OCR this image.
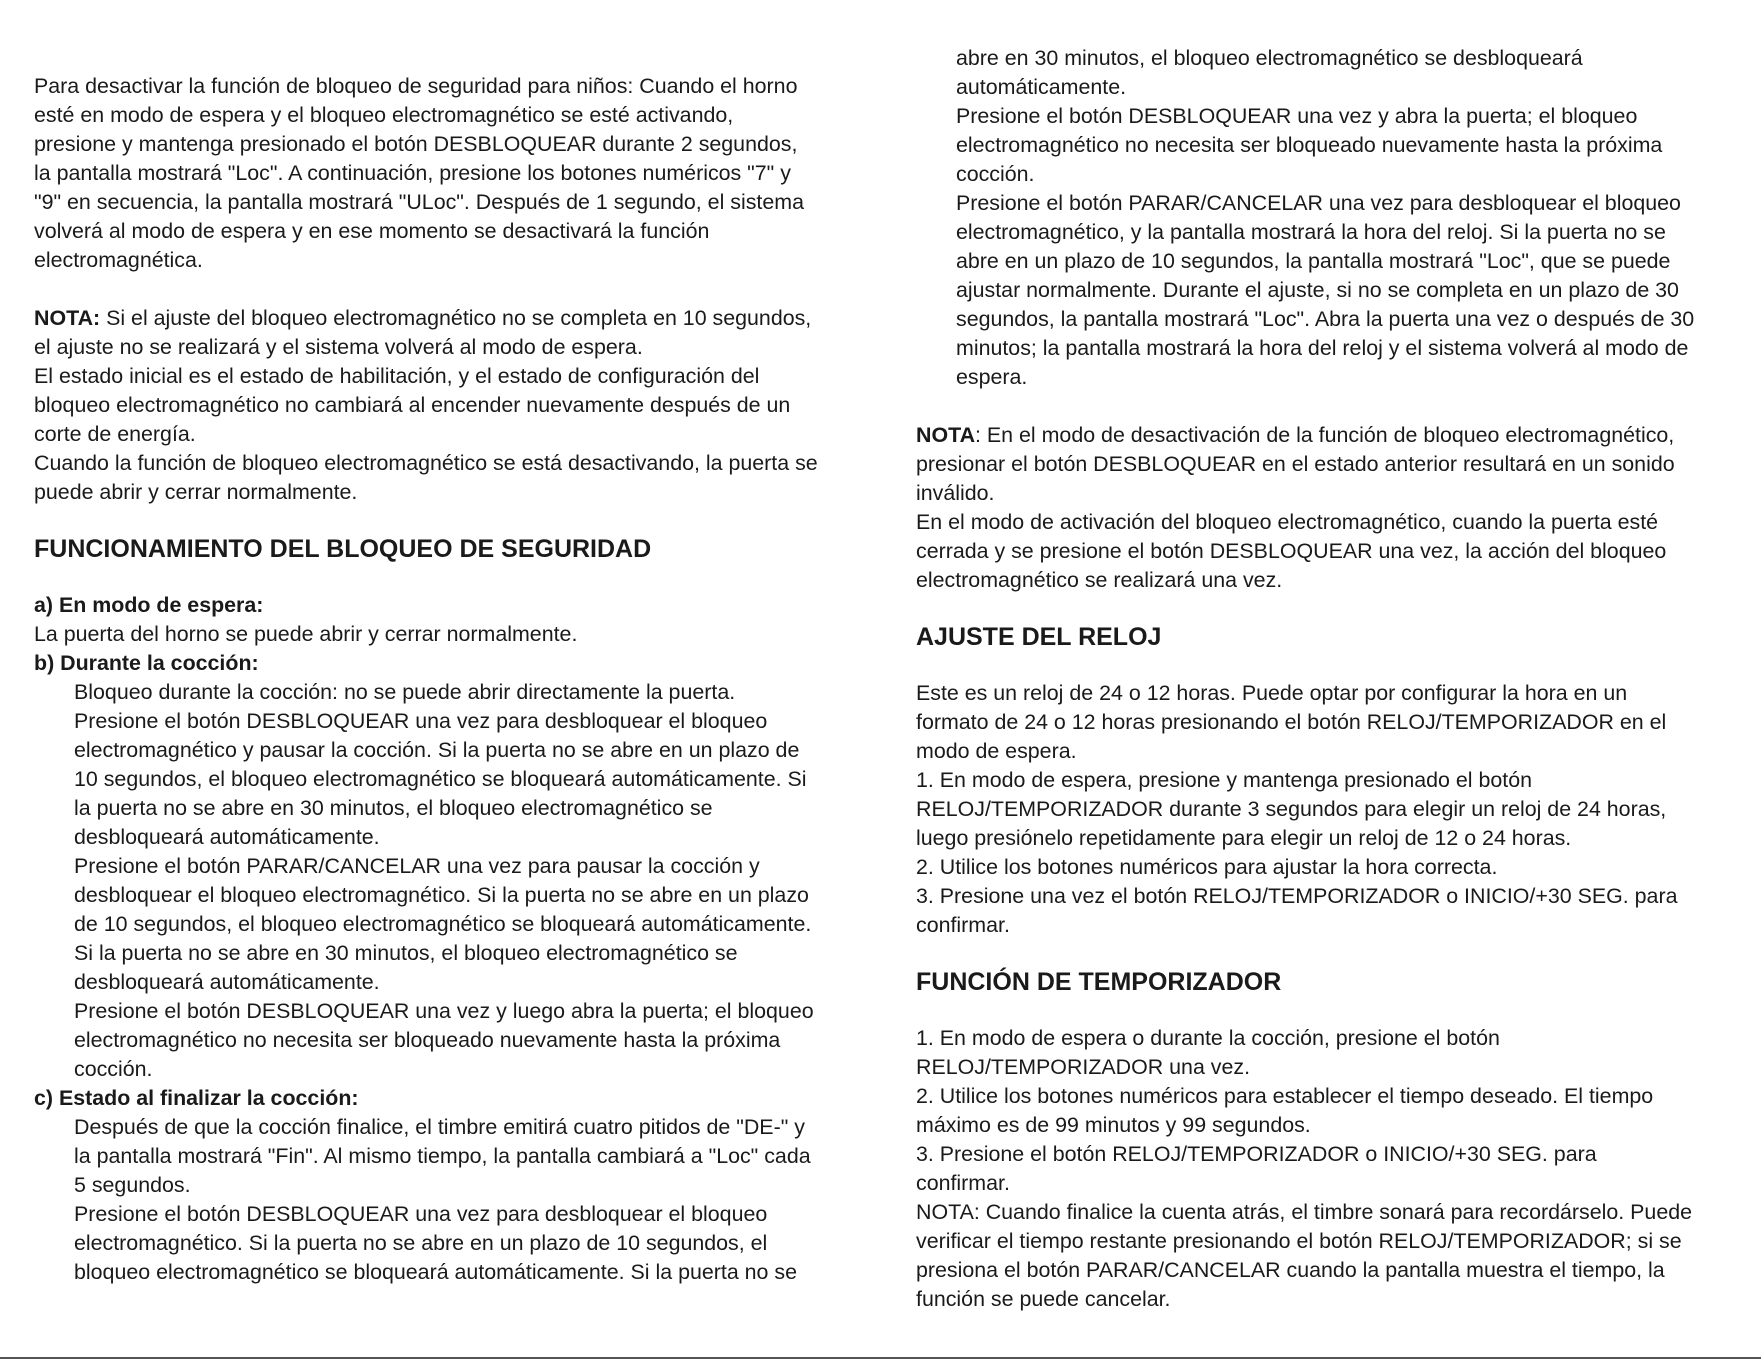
Para desactivar la función de bloqueo de seguridad para niños: Cuando el horno
esté en modo de espera y el bloqueo electromagnético se esté activando,
presione y mantenga presionado el botón DESBLOQUEAR durante 2 segundos,
la pantalla mostrará "Loc". A continuación, presione los botones numéricos "7" y
"9" en secuencia, la pantalla mostrará "ULoc". Después de 1 segundo, el sistema
volverá al modo de espera y en ese momento se desactivará la función
electromagnética.

NOTA: Si el ajuste del bloqueo electromagnético no se completa en 10 segundos,
el ajuste no se realizará y el sistema volverá al modo de espera.
El estado inicial es el estado de habilitación, y el estado de configuración del
bloqueo electromagnético no cambiará al encender nuevamente después de un
corte de energía.
Cuando la función de bloqueo electromagnético se está desactivando, la puerta se
puede abrir y cerrar normalmente.

FUNCIONAMIENTO DEL BLOQUEO DE SEGURIDAD

a) En modo de espera:

La puerta del horno se puede abrir y cerrar normalmente.

b) Durante la cocción:

Bloqueo durante la cocción: no se puede abrir directamente la puerta.
Presione el botón DESBLOQUEAR una vez para desbloquear el bloqueo
electromagnético y pausar la cocción. Si la puerta no se abre en un plazo de
10 segundos, el bloqueo electromagnético se bloqueará automáticamente. Si
la puerta no se abre en 30 minutos, el bloqueo electromagnético se
desbloqueará automáticamente.
Presione el botón PARAR/CANCELAR una vez para pausar la cocción y
desbloquear el bloqueo electromagnético. Si la puerta no se abre en un plazo
de 10 segundos, el bloqueo electromagnético se bloqueará automáticamente.
Si la puerta no se abre en 30 minutos, el bloqueo electromagnético se
desbloqueará automáticamente.
Presione el botón DESBLOQUEAR una vez y luego abra la puerta; el bloqueo
electromagnético no necesita ser bloqueado nuevamente hasta la próxima
cocción.

c) Estado al finalizar la cocción:

Después de que la cocción finalice, el timbre emitirá cuatro pitidos de "DE-" y
la pantalla mostrará "Fin". Al mismo tiempo, la pantalla cambiará a "Loc" cada
5 segundos.
Presione el botón DESBLOQUEAR una vez para desbloquear el bloqueo
electromagnético. Si la puerta no se abre en un plazo de 10 segundos, el
bloqueo electromagnético se bloqueará automáticamente. Si la puerta no se

abre en 30 minutos, el bloqueo electromagnético se desbloqueará
automáticamente.
Presione el botón DESBLOQUEAR una vez y abra la puerta; el bloqueo
electromagnético no necesita ser bloqueado nuevamente hasta la próxima
cocción.
Presione el botón PARAR/CANCELAR una vez para desbloquear el bloqueo
electromagnético, y la pantalla mostrará la hora del reloj. Si la puerta no se
abre en un plazo de 10 segundos, la pantalla mostrará "Loc", que se puede
ajustar normalmente. Durante el ajuste, si no se completa en un plazo de 30
segundos, la pantalla mostrará "Loc". Abra la puerta una vez o después de 30
minutos; la pantalla mostrará la hora del reloj y el sistema volverá al modo de
espera.

NOTA: En el modo de desactivación de la función de bloqueo electromagnético,
presionar el botón DESBLOQUEAR en el estado anterior resultará en un sonido
inválido.
En el modo de activación del bloqueo electromagnético, cuando la puerta esté
cerrada y se presione el botón DESBLOQUEAR una vez, la acción del bloqueo
electromagnético se realizará una vez.

AJUSTE DEL RELOJ

Este es un reloj de 24 o 12 horas. Puede optar por configurar la hora en un
formato de 24 o 12 horas presionando el botón RELOJ/TEMPORIZADOR en el
modo de espera.
1. En modo de espera, presione y mantenga presionado el botón
RELOJ/TEMPORIZADOR durante 3 segundos para elegir un reloj de 24 horas,
luego presiónelo repetidamente para elegir un reloj de 12 o 24 horas.
2. Utilice los botones numéricos para ajustar la hora correcta.
3. Presione una vez el botón RELOJ/TEMPORIZADOR o INICIO/+30 SEG. para
confirmar.

FUNCIÓN DE TEMPORIZADOR

1. En modo de espera o durante la cocción, presione el botón
RELOJ/TEMPORIZADOR una vez.
2. Utilice los botones numéricos para establecer el tiempo deseado. El tiempo
máximo es de 99 minutos y 99 segundos.
3. Presione el botón RELOJ/TEMPORIZADOR o INICIO/+30 SEG. para
confirmar.
NOTA: Cuando finalice la cuenta atrás, el timbre sonará para recordárselo. Puede
verificar el tiempo restante presionando el botón RELOJ/TEMPORIZADOR; si se
presiona el botón PARAR/CANCELAR cuando la pantalla muestra el tiempo, la
función se puede cancelar.
